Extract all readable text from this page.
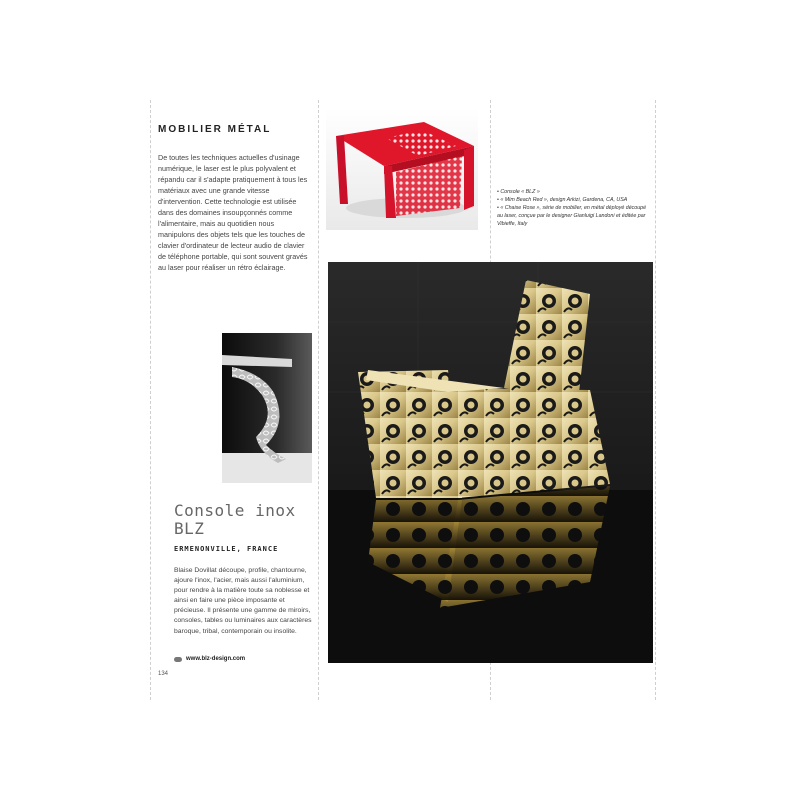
MOBILIER MÉTAL
De toutes les techniques actuelles d'usinage numérique, le laser est le plus polyvalent et répandu car il s'adapte pratiquement à tous les matériaux avec une grande vitesse d'intervention. Cette technologie est utilisée dans des domaines insoupçonnés comme l'alimentaire, mais au quotidien nous manipulons des objets tels que les touches de clavier d'ordinateur de lecteur audio de clavier de téléphone portable, qui sont souvent gravés au laser pour réaliser un rétro éclairage.

• Console « BLZ »

• « Mim Beach Red », design Arkizi, Gardena, CA, USA

• « Chaise Rose », série de mobilier, en métal déployé découpé au laser, conçue par le designer Gianluigi Landoni et éditée par Vibieffe, Italy

Console inox BLZ
ERMENONVILLE, FRANCE
Blaise Dovillat découpe, profile, chantourne, ajoure l'inox, l'acier, mais aussi l'aluminium, pour rendre à la matière toute sa noblesse et ainsi en faire une pièce imposante et précieuse. Il présente une gamme de miroirs, consoles, tables ou luminaires aux caractères baroque, tribal, contemporain ou insolite.
www.blz-design.com
134
